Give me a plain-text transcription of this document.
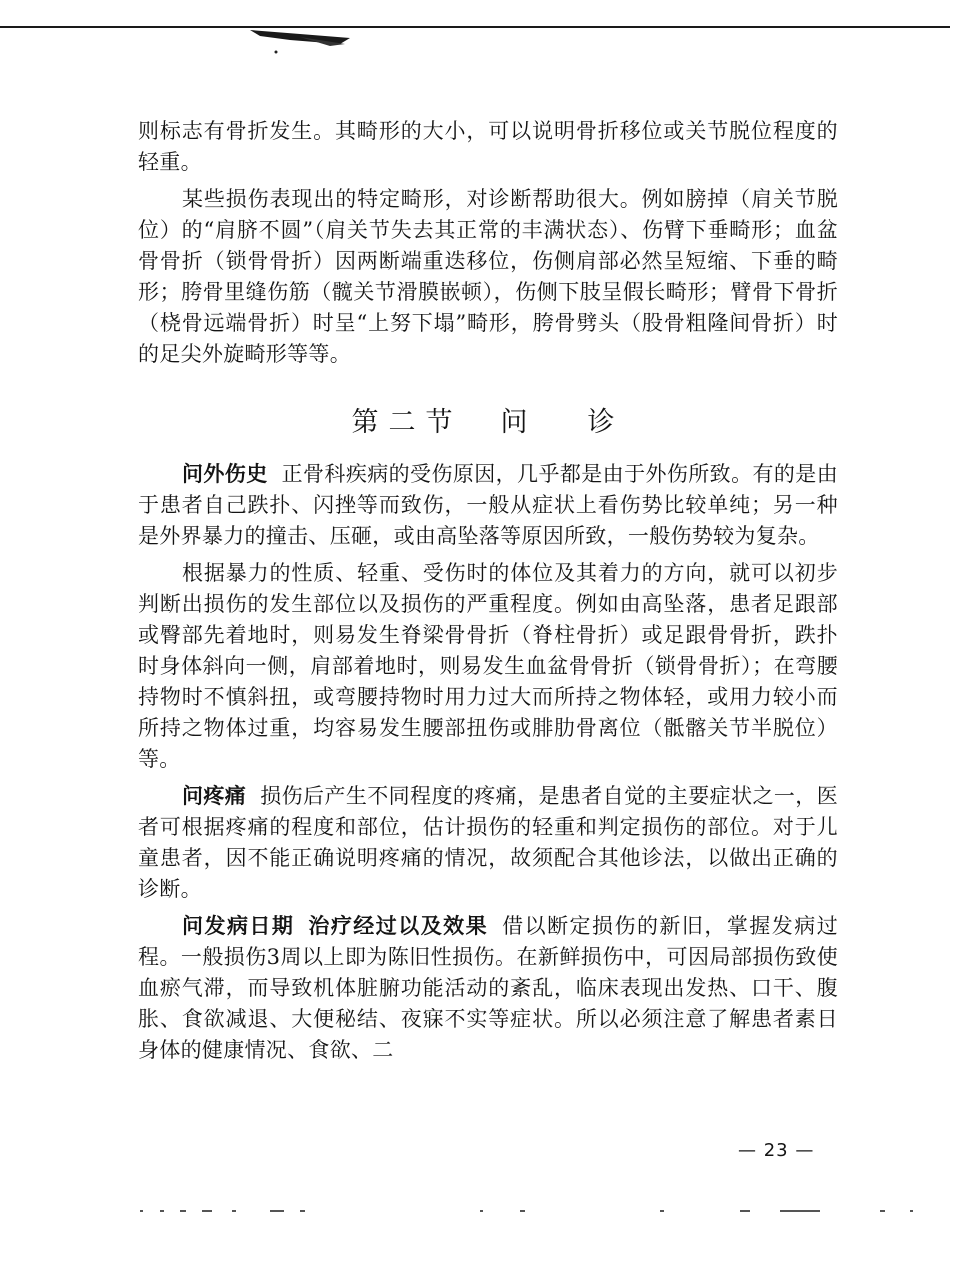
则标志有骨折发生。其畸形的大小，可以说明骨折移位或关节脱位程度的轻重。

某些损伤表现出的特定畸形，对诊断帮助很大。例如膀掉（肩关节脱位）的“肩脐不圆”（肩关节失去其正常的丰满状态）、伤臂下垂畸形；血盆骨骨折（锁骨骨折）因两断端重迭移位，伤侧肩部必然呈短缩、下垂的畸形；胯骨里缝伤筋（髋关节滑膜嵌顿），伤侧下肢呈假长畸形；臂骨下骨折（桡骨远端骨折）时呈“上努下塌”畸形，胯骨劈头（股骨粗隆间骨折）时的足尖外旋畸形等等。

第二节 问 诊

问外伤史 正骨科疾病的受伤原因，几乎都是由于外伤所致。有的是由于患者自己跌扑、闪挫等而致伤，一般从症状上看伤势比较单纯；另一种是外界暴力的撞击、压砸，或由高坠落等原因所致，一般伤势较为复杂。

根据暴力的性质、轻重、受伤时的体位及其着力的方向，就可以初步判断出损伤的发生部位以及损伤的严重程度。例如由高坠落，患者足跟部或臀部先着地时，则易发生脊梁骨骨折（脊柱骨折）或足跟骨骨折，跌扑时身体斜向一侧，肩部着地时，则易发生血盆骨骨折（锁骨骨折）；在弯腰持物时不慎斜扭，或弯腰持物时用力过大而所持之物体轻，或用力较小而所持之物体过重，均容易发生腰部扭伤或腓肋骨离位（骶髂关节半脱位）等。

问疼痛 损伤后产生不同程度的疼痛，是患者自觉的主要症状之一，医者可根据疼痛的程度和部位，估计损伤的轻重和判定损伤的部位。对于儿童患者，因不能正确说明疼痛的情况，故须配合其他诊法，以做出正确的诊断。

问发病日期 治疗经过以及效果 借以断定损伤的新旧，掌握发病过程。一般损伤3周以上即为陈旧性损伤。在新鲜损伤中，可因局部损伤致使血瘀气滞，而导致机体脏腑功能活动的紊乱，临床表现出发热、口干、腹胀、食欲减退、大便秘结、夜寐不实等症状。所以必须注意了解患者素日身体的健康情况、食欲、二

— 23 —
